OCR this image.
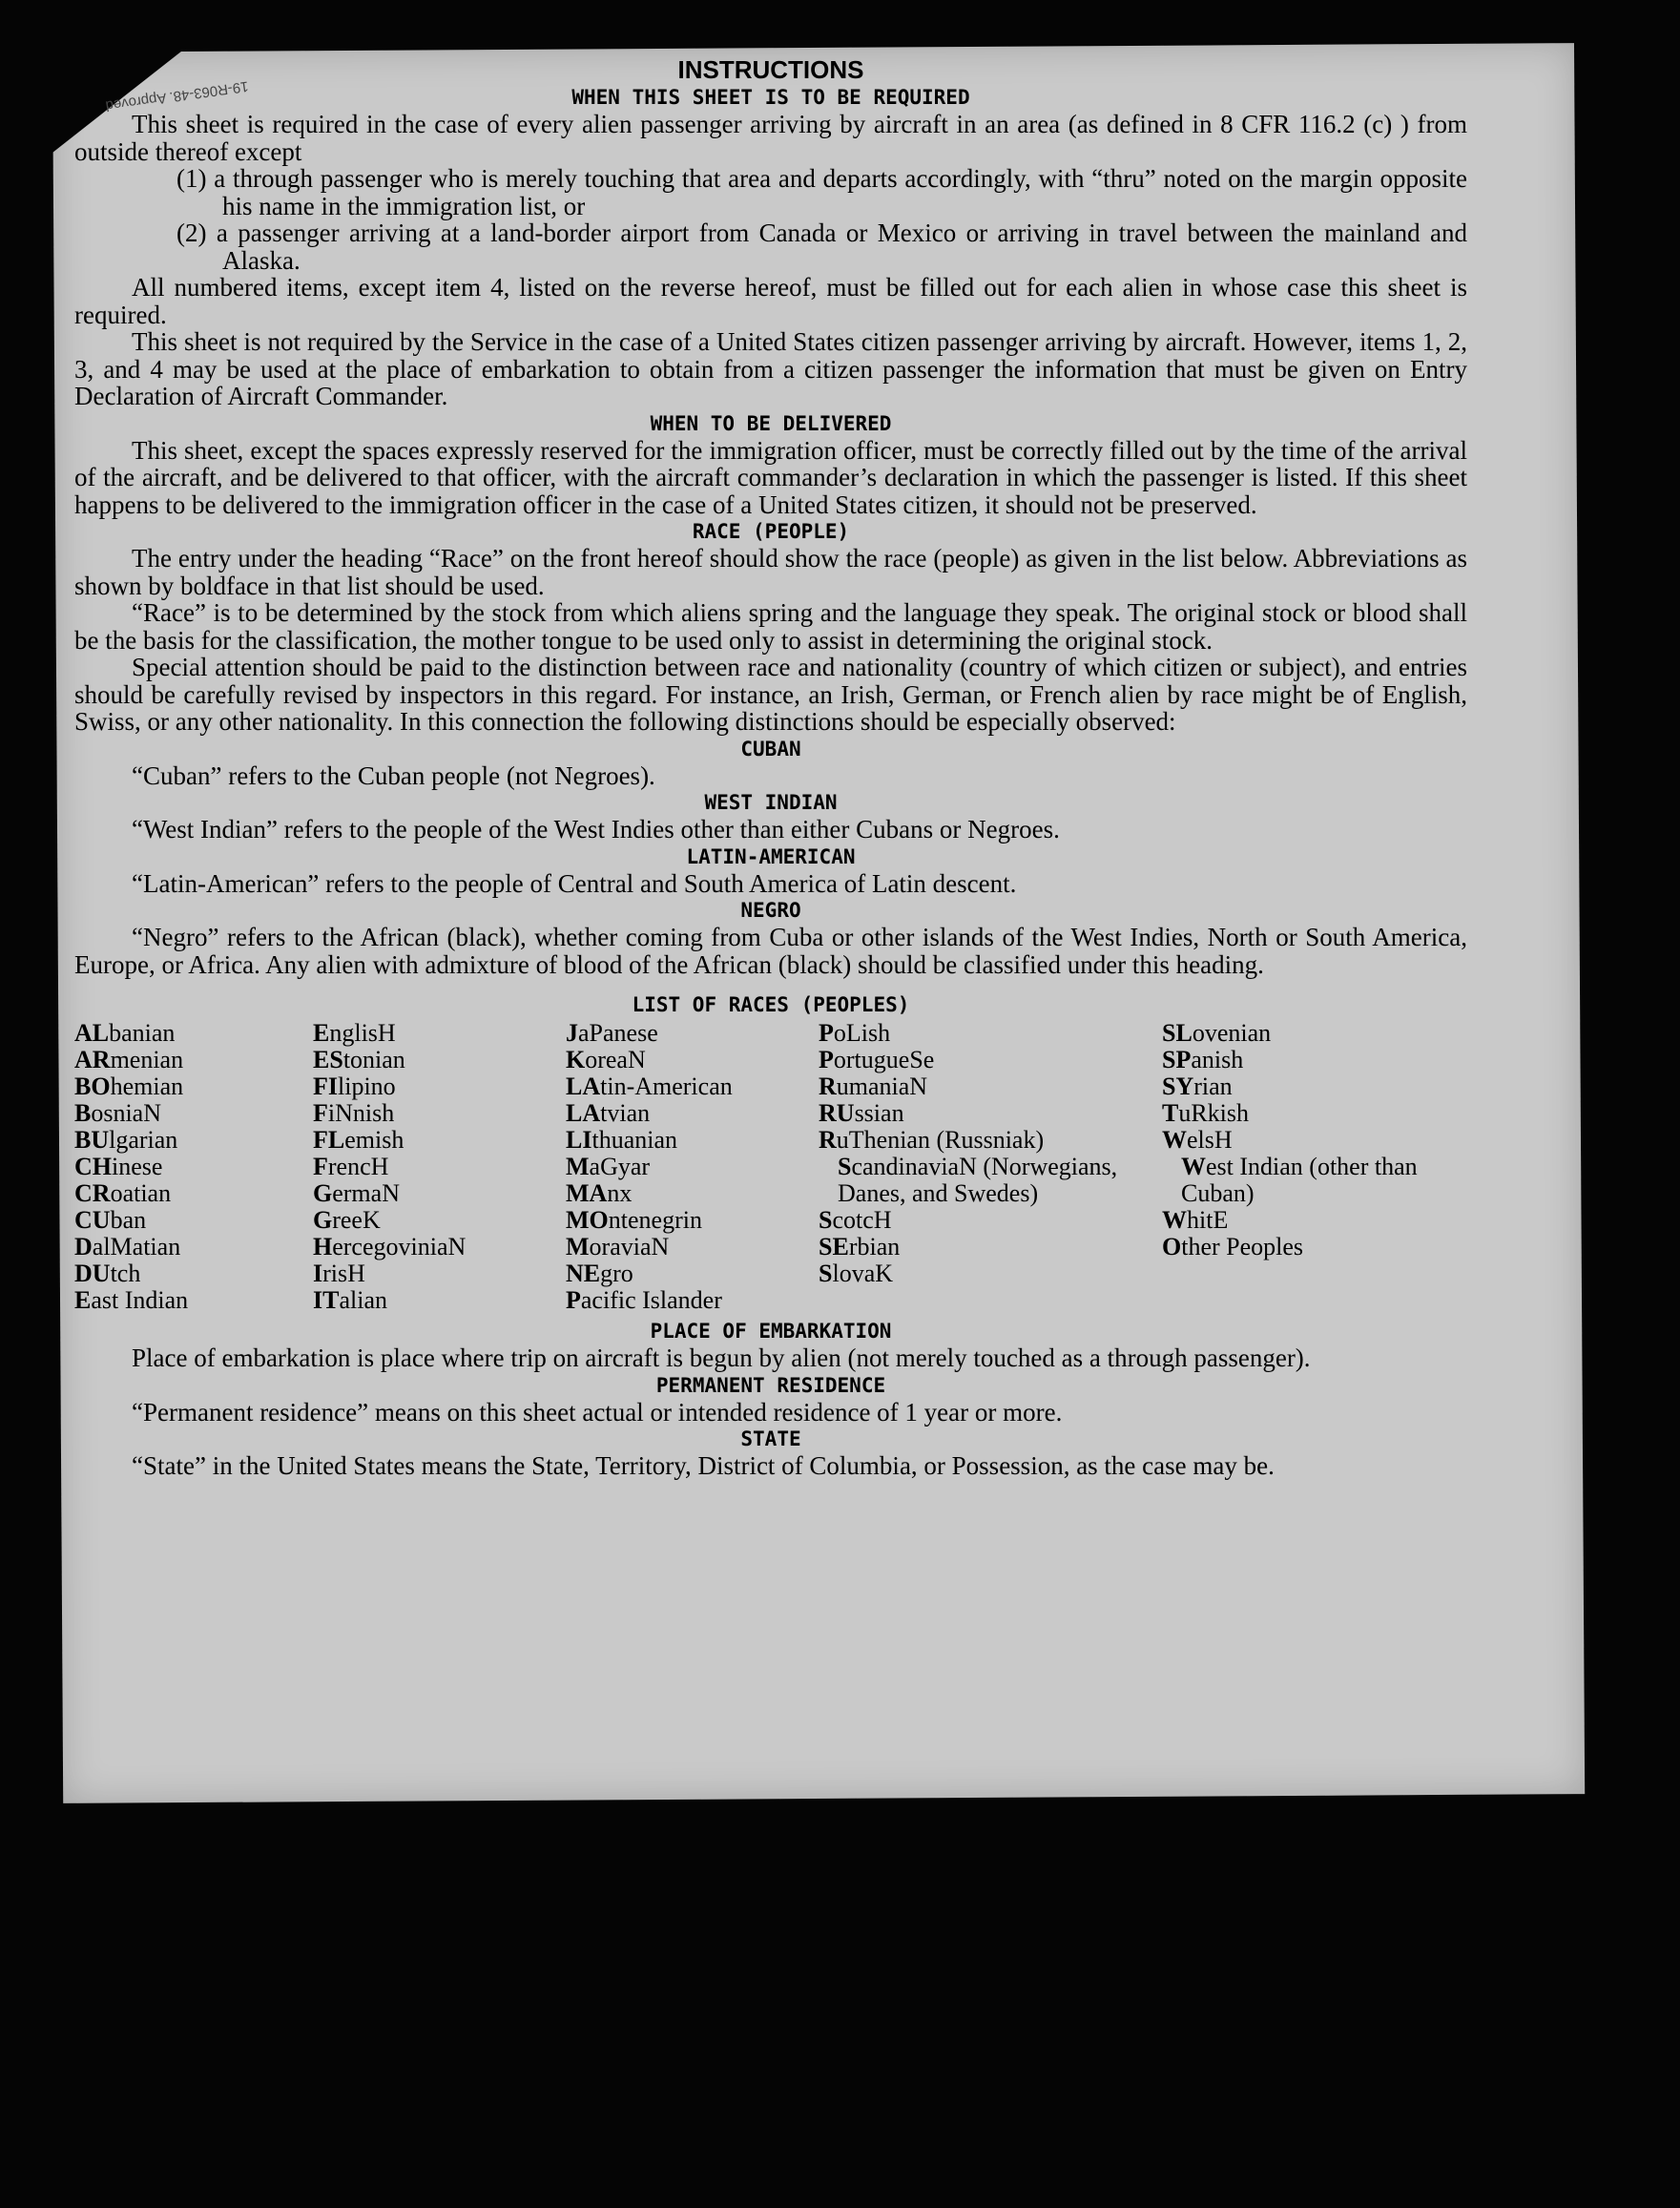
19-R063-48. Approved
INSTRUCTIONS
WHEN THIS SHEET IS TO BE REQUIRED

This sheet is required in the case of every alien passenger arriving by aircraft in an area (as defined in 8 CFR 116.2 (c) ) from outside thereof except

(1) a through passenger who is merely touching that area and departs accordingly, with “thru” noted on the margin opposite his name in the immigration list, or

(2) a passenger arriving at a land-border airport from Canada or Mexico or arriving in travel between the mainland and Alaska.

All numbered items, except item 4, listed on the reverse hereof, must be filled out for each alien in whose case this sheet is required.

This sheet is not required by the Service in the case of a United States citizen passenger arriving by aircraft. However, items 1, 2, 3, and 4 may be used at the place of embarkation to obtain from a citizen passenger the information that must be given on Entry Declaration of Aircraft Commander.

WHEN TO BE DELIVERED

This sheet, except the spaces expressly reserved for the immigration officer, must be correctly filled out by the time of the arrival of the aircraft, and be delivered to that officer, with the aircraft commander’s declaration in which the passenger is listed. If this sheet happens to be delivered to the immigration officer in the case of a United States citizen, it should not be preserved.

RACE (PEOPLE)

The entry under the heading “Race” on the front hereof should show the race (people) as given in the list below. Abbreviations as shown by boldface in that list should be used.

“Race” is to be determined by the stock from which aliens spring and the language they speak. The original stock or blood shall be the basis for the classification, the mother tongue to be used only to assist in determining the original stock.

Special attention should be paid to the distinction between race and nationality (country of which citizen or subject), and entries should be carefully revised by inspectors in this regard. For instance, an Irish, German, or French alien by race might be of English, Swiss, or any other nationality. In this connection the following distinctions should be especially observed:

CUBAN

“Cuban” refers to the Cuban people (not Negroes).

WEST INDIAN

“West Indian” refers to the people of the West Indies other than either Cubans or Negroes.

LATIN-AMERICAN

“Latin-American” refers to the people of Central and South America of Latin descent.

NEGRO

“Negro” refers to the African (black), whether coming from Cuba or other islands of the West Indies, North or South America, Europe, or Africa. Any alien with admixture of blood of the African (black) should be classified under this heading.

LIST OF RACES (PEOPLES)
ALbanian
ARmenian
BOhemian
BosniaN
BUlgarian
CHinese
CRoatian
CUban
DalMatian
DUtch
East Indian
EnglisH
EStonian
FIlipino
FiNnish
FLemish
FrencH
GermaN
GreeK
HercegovinіaN
IrisH
ITalian
JaPanese
KoreaN
LAtin-American
LAtvian
LIthuanian
MaGyar
MAnx
MOntenegrin
MoraviaN
NEgro
Pacific Islander
PoLish
PortugueSe
RumaniaN
RUssian
RuThenian (Russniak)
ScandinaviaN (Norwegians, Danes, and Swedes)
ScotcH
SErbian
SlovaK
SLovenian
SPanish
SYrian
TuRkish
WelsH
West Indian (other than Cuban)
WhitE
Other Peoples
PLACE OF EMBARKATION

Place of embarkation is place where trip on aircraft is begun by alien (not merely touched as a through passenger).

PERMANENT RESIDENCE

“Permanent residence” means on this sheet actual or intended residence of 1 year or more.

STATE

“State” in the United States means the State, Territory, District of Columbia, or Possession, as the case may be.
